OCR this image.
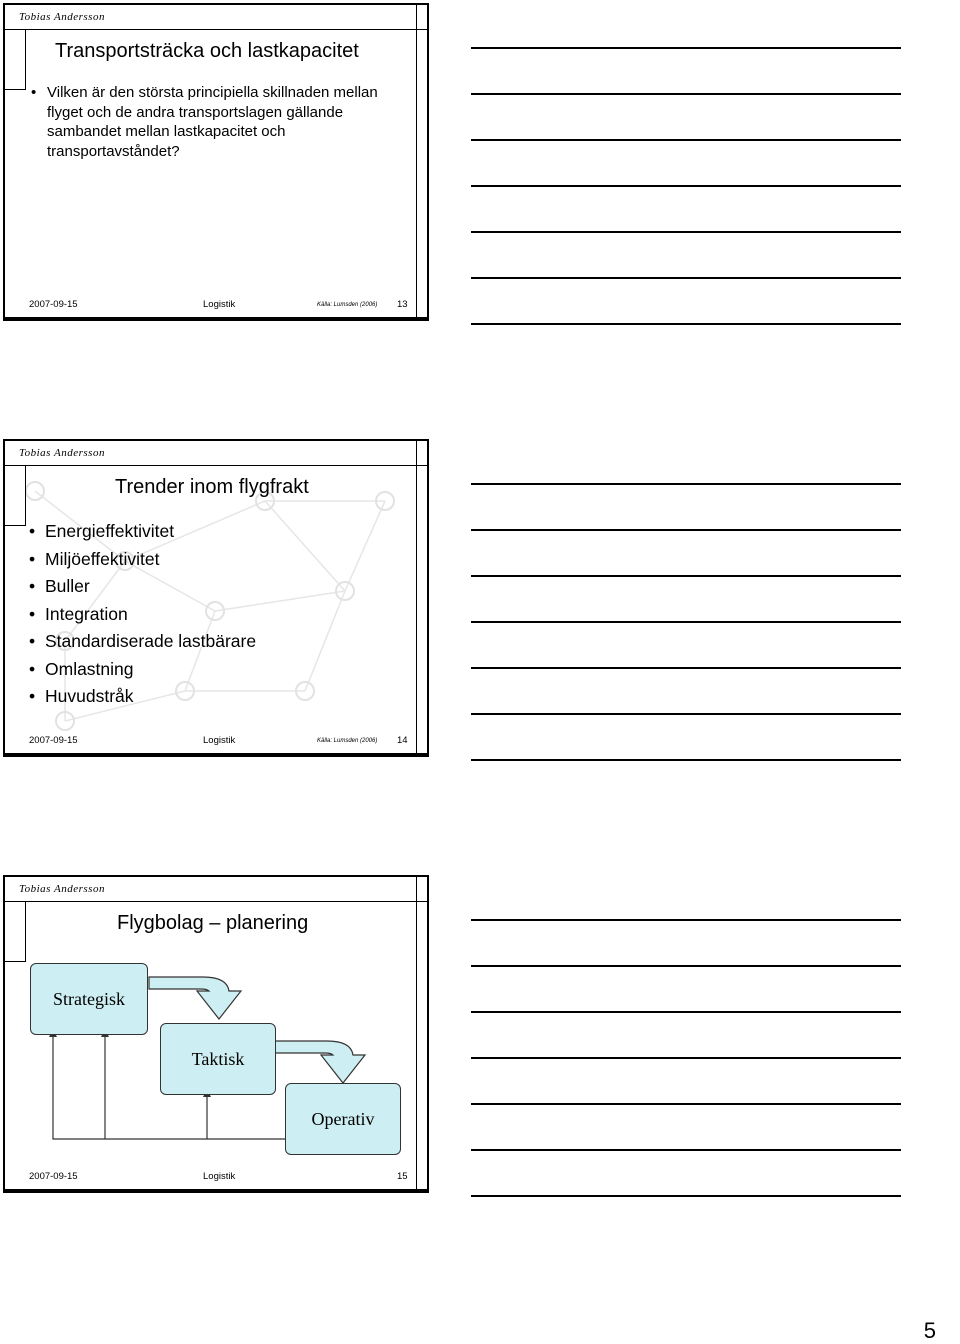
Tobias Andersson
Transportsträcka och lastkapacitet
• Vilken är den största principiella skillnaden mellan flyget och de andra transportslagen gällande sambandet mellan lastkapacitet och transportavståndet?
2007-09-15	Logistik	Källa: Lumsden (2006) 13
Tobias Andersson
Trender inom flygfrakt
• Energieffektivitet
• Miljöeffektivitet
• Buller
• Integration
• Standardiserade lastbärare
• Omlastning
• Huvudstråk
2007-09-15	Logistik	Källa: Lumsden (2006) 14
Tobias Andersson
Flygbolag – planering
Strategisk
Taktisk
Operativ
2007-09-15	Logistik	15
5
